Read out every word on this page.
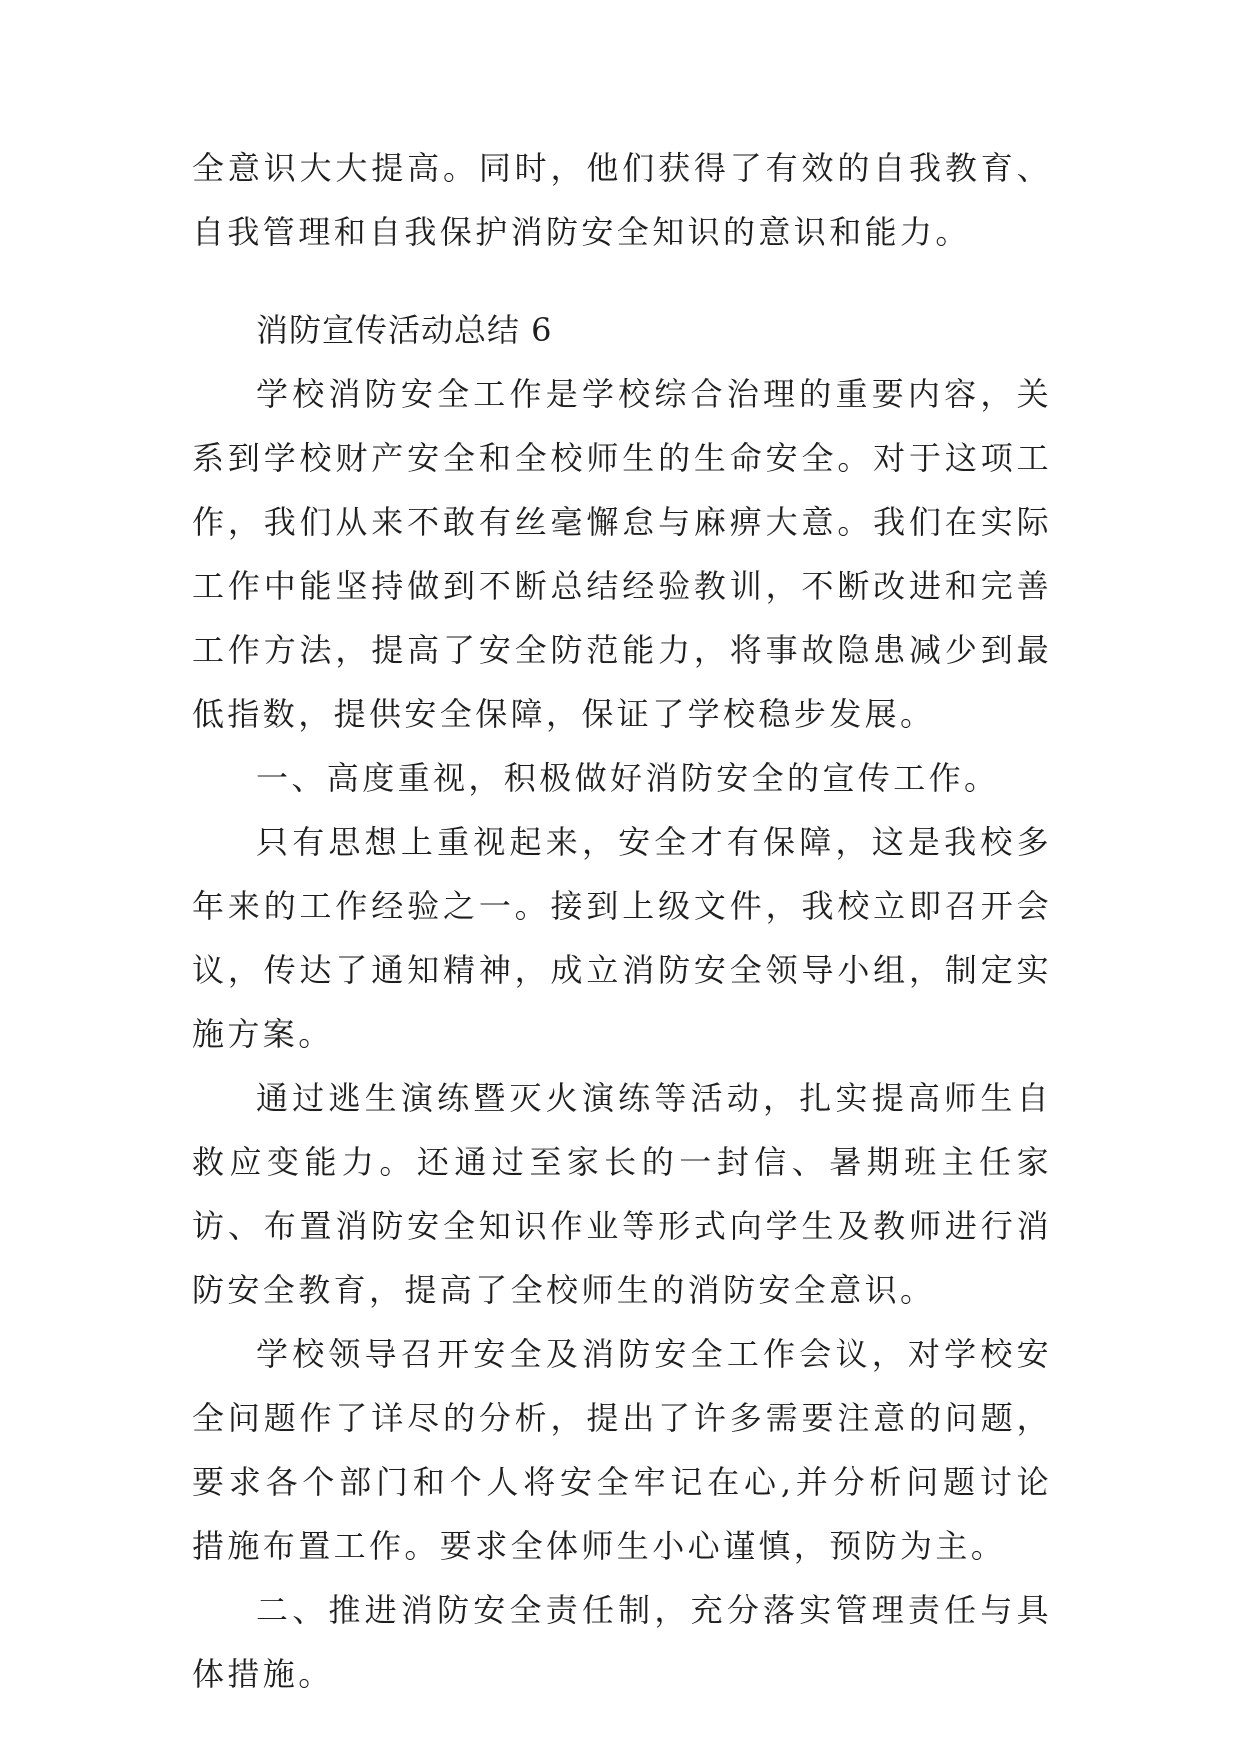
全意识大大提高。同时，他们获得了有效的自我教育、自我管理和自我保护消防安全知识的意识和能力。

消防宣传活动总结 6

学校消防安全工作是学校综合治理的重要内容，关系到学校财产安全和全校师生的生命安全。对于这项工作，我们从来不敢有丝毫懈怠与麻痹大意。我们在实际工作中能坚持做到不断总结经验教训，不断改进和完善工作方法，提高了安全防范能力，将事故隐患减少到最低指数，提供安全保障，保证了学校稳步发展。

一、高度重视，积极做好消防安全的宣传工作。

只有思想上重视起来，安全才有保障，这是我校多年来的工作经验之一。接到上级文件，我校立即召开会议，传达了通知精神，成立消防安全领导小组，制定实施方案。

通过逃生演练暨灭火演练等活动，扎实提高师生自救应变能力。还通过至家长的一封信、暑期班主任家访、布置消防安全知识作业等形式向学生及教师进行消防安全教育，提高了全校师生的消防安全意识。

学校领导召开安全及消防安全工作会议，对学校安全问题作了详尽的分析，提出了许多需要注意的问题，要求各个部门和个人将安全牢记在心,并分析问题讨论措施布置工作。要求全体师生小心谨慎，预防为主。

二、推进消防安全责任制，充分落实管理责任与具体措施。
